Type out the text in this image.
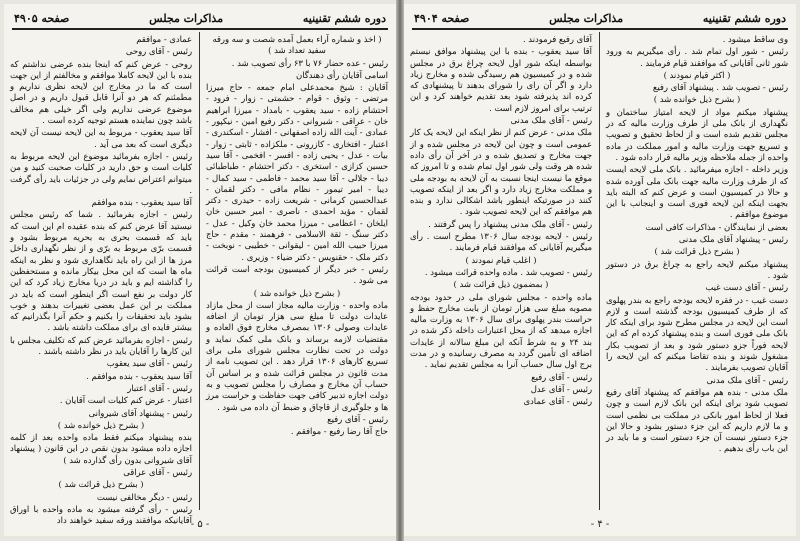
دوره ششم تقنینیه
مذاکرات مجلس
صفحه ۴۹۰۵

( اخذ و شماره آراء بعمل آمده شصت و سه ورقه سفید تعداد شد )

رئیس - عده حضار ۷۶ با ۶۳ رأی تصویب شد .

اسامی آقایان رأی دهندگان

آقایان : شیخ محمدعلی امام جمعه - حاج میرزا مرتضی - وثوق - قوام - حشمتی - زوار - فرود - احتشام زاده - سید یعقوب - بامداد - میرزا ابراهیم خان - عراقی - شیروانی - دکتر رفیع امین - نیکپور - عمادی - آیت الله زاده اصفهانی - افشار - اسکندری - اعتبار - افتخاری - کازرونی - ملکزاده - ثابتی - زوار - بیات - عدل - یحیی زاده - افسر - افخمی - آقا سید حسین کزازی - استخری - دکتر احتشام - طباطبائی دیبا - جلالی - آقا سید محمد - فاطمی - سید کمال - دیبا - امیر تیمور - نظام مافی - دکتر لقمان - عبدالحسین کرمانی - شریعت زاده - حیدری - دکتر لقمان - مؤید احمدی - ناصری - امیر حسین خان ایلخان - اعظامی - میرزا محمد خان وکیل - عدل - دکتر سنگ - ثقة الاسلامی - فرهمند - مقدم - حاج میرزا حبیب الله امین - لیقوانی - خطیبی - نوبخت - دکتر ملک - حقنویس - دکتر ضیاء - وزیری .

رئیس - خبر دیگر از کمیسیون بودجه است قرائت می شود .

( بشرح ذیل خوانده شد )

ماده واحده - وزارت مالیه مجاز است از محل مازاد عایدات دولت تا مبلغ سی هزار تومان از اضافه عایدات وصولی ۱۳۰۶ بمصرف مخارج فوق العاده و مقتضیات لازمه برساند و بانک ملی کمک نماید و دولت در تحت نظارت مجلس شورای ملی برای تسریع کارهای ۱۳۰۶ قرار دهد . این تصویب نامه از مدت قانون در مجلس قرائت شده و بر اساس آن حساب آن مخارج و مصارف را مجلس تصویب و به دولت اجازه تدبیر کافی جهت حفاظت و حراست مرز ها و جلوگیری از قاچاق و ضبط آن داده می شود .

رئیس - آقای رفیع

حاج آقا رضا رفیع - موافقم .

عمادی - موافقم

رئیس - آقای روحی

روحی - عرض کنم که اینجا بنده عرضی نداشتم که بنده با این لایحه کاملا موافقم و مخالفتم از این جهت است که ما در مخارج این لایحه نظری نداریم و مطمئنم که هر دو آنرا قابل قبول داریم و در اصل موضوع عرضی نداریم ولی اگر خیلی هم مخالف باشد چون نماینده هستم توجیه کرده است .

آقا سید یعقوب - مربوط به این لایحه نیست آن لایحه دیگری است که بعد می آید .

رئیس - اجازه بفرمائید موضوع این لایحه مربوط به کلیات است و حق دارید در کلیات صحبت کنید و من میتوانم اعتراض نمایم ولی در جزئیات باید رأی گرفت .

آقا سید یعقوب - بنده موافقم

رئیس - اجازه بفرمائید . شما که رئیس مجلس نیستید آقا عرض کنم که بنده عقیده ام این است که باید که قسمت بحری به بحریه مربوط بشود و قسمت برّی مربوط به برّی و از نظر نگهداری داخل مرز ها از این راه باید نگاهداری شود و نظر به اینکه ماه ها است که این محل بیکار مانده و مستحفظین را گذاشته ایم و باید در دریا مخارج زیاد کرد که این کار دولت بر نفع است اگر اینطور است که باید در مملکت بر این عمل بعضی تغییرات بدهند و خوب بشود باید تحقیقات را بکنیم و حکم آنرا بگذرانیم که بیشتر فایده ای برای مملکت داشته باشد .

رئیس - اجازه بفرمائید عرض کنم که تکلیف مجلس با این کارها را آقایان باید در نظر داشته باشند .

رئیس - آقای سید یعقوب

آقا سید یعقوب - بنده موافقم .

رئیس - آقای اعتبار

اعتبار - عرض کنم کلیات است آقایان .

رئیس - پیشنهاد آقای شیروانی

( بشرح ذیل خوانده شد )

بنده پیشنهاد میکنم فقط ماده واحده بعد از کلمه اجازه داده میشود بدون نقص در این قانون ( پیشنهاد آقای شیروانی بدون رأی گذارده شد )

رئیس - آقای عراقی

( بشرح ذیل قرائت شد )

رئیس - دیگر مخالفی نیست

رئیس - رأی گرفته میشود به ماده واحده با اوراق آقایانیکه موافقند ورقه سفید خواهند داد

- ۵ -
دوره ششم تقنینیه
مذاکرات مجلس
صفحه ۴۹۰۴

وی ساقط میشود .

رئیس - شور اول تمام شد . رأی میگیریم به ورود شور ثانی آقایانی که موافقند قیام فرمایند .

( اکثر قیام نمودند )

رئیس - تصویب شد . پیشنهاد آقای رفیع

( بشرح ذیل خوانده شد )

پیشنهاد میکنم مواد از لایحه امتیاز ساختمان و نگهداری از بانک ملی از طرف وزارت مالیه که در مجلس تقدیم شده است و از لحاظ تحقیق و تصویب و تسریع جهت وزارت مالیه و امور مملکت در ماده واحده از جمله ملاحظه وزیر مالیه قرار داده شود .

وزیر داخله - اجازه میفرمائید . بانک ملی لایحه ایست که از طرف وزارت مالیه جهت بانک ملی آورده شده و حالا در کمیسیون است و عرض کنم که البته باید بجهت اینکه این لایحه فوری است و اینجانب با این موضوع موافقم .

بعضی از نمایندگان - مذاکرات کافی است

رئیس - پیشنهاد آقای ملک مدنی

( بشرح ذیل قرائت شد )

پیشنهاد میکنم لایحه راجع به چراغ برق در دستور شود .

رئیس - آقای دست غیب

دست غیب - در فقره لایحه بودجه راجع به بندر پهلوی که از طرف کمیسیون بودجه گذشته است و لازم است این لایحه در مجلس مطرح شود برای اینکه کار بانک ملی فوری است و بنده پیشنهاد کرده ام که این لایحه فوراً جزو دستور شود و بعد از تصویب بکار مشغول شوند و بنده تقاضا میکنم که این لایحه را آقایان تصویب بفرمایند .

رئیس - آقای ملک مدنی

ملک مدنی - بنده هم موافقم که پیشنهاد آقای رفیع تصویب شود برای اینکه این بانک لازم است و چون فعلا از لحاظ امور بانکی در مملکت بی نظمی است و ما لازم داریم که این جزء دستور بشود و حالا این جزء دستور نیست آن جزء دستور است و ما باید در این باب رأی بدهیم .

آقای رفیع فرمودند .

آقا سید یعقوب - بنده با این پیشنهاد موافق نیستم بواسطه اینکه شور اول لایحه چراغ برق در مجلس شده و در کمیسیون هم رسیدگی شده و مخارج زیاد دارد و اگر آن رای را شورای بدهند تا پیشنهادی که کرده اند پذیرفته شود بعد تقدیم خواهند کرد و این ترتیب برای امروز لازم است .

رئیس - آقای ملک مدنی

ملک مدنی - عرض کنم از نظر اینکه این لایحه یک کار عمومی است و چون این لایحه در مجلس شده و از جهت مخارج و تصدیق شده و در آخر آن رأی داده شده هر وقت ولی شور اول تمام شده و تا امروز که موقع ما نیست اینجا نسبت به آن لایحه به بودجه ملی و مملکت مخارج زیاد دارد و اگر بعد از اینکه تصویب کنند در صورتیکه اینطور باشد اشکالی ندارد و بنده هم موافقم که این لایحه تصویب شود .

رئیس - آقای ملک مدنی پیشنهاد را پس گرفتند .

رئیس - لایحه بودجه سال ۱۳۰۶ مطرح است . رأی میگیریم آقایانی که موافقند قیام فرمایند .

( اغلب قیام نمودند )

رئیس - تصویب شد . ماده واحده قرائت میشود .

( بمضمون ذیل قرائت شد )

ماده واحده - مجلس شورای ملی در حدود بودجه مصوبه مبلغ سی هزار تومان از بابت مخارج حفظ و حراست بندر پهلوی برای سال ۱۳۰۶ به وزارت مالیه اجازه میدهد که از محل اعتبارات داخله ذکر شده در بند ۲۴ و به شرط آنکه این مبلغ سالانه از عایدات اضافه ای تأمین گردد به مصرف رسانیده و در مدت برج اول سال حساب آنرا به مجلس تقدیم نماید .

رئیس - آقای رفیع

رئیس - آقای عدل

رئیس - آقای عمادی

- ۴ -
